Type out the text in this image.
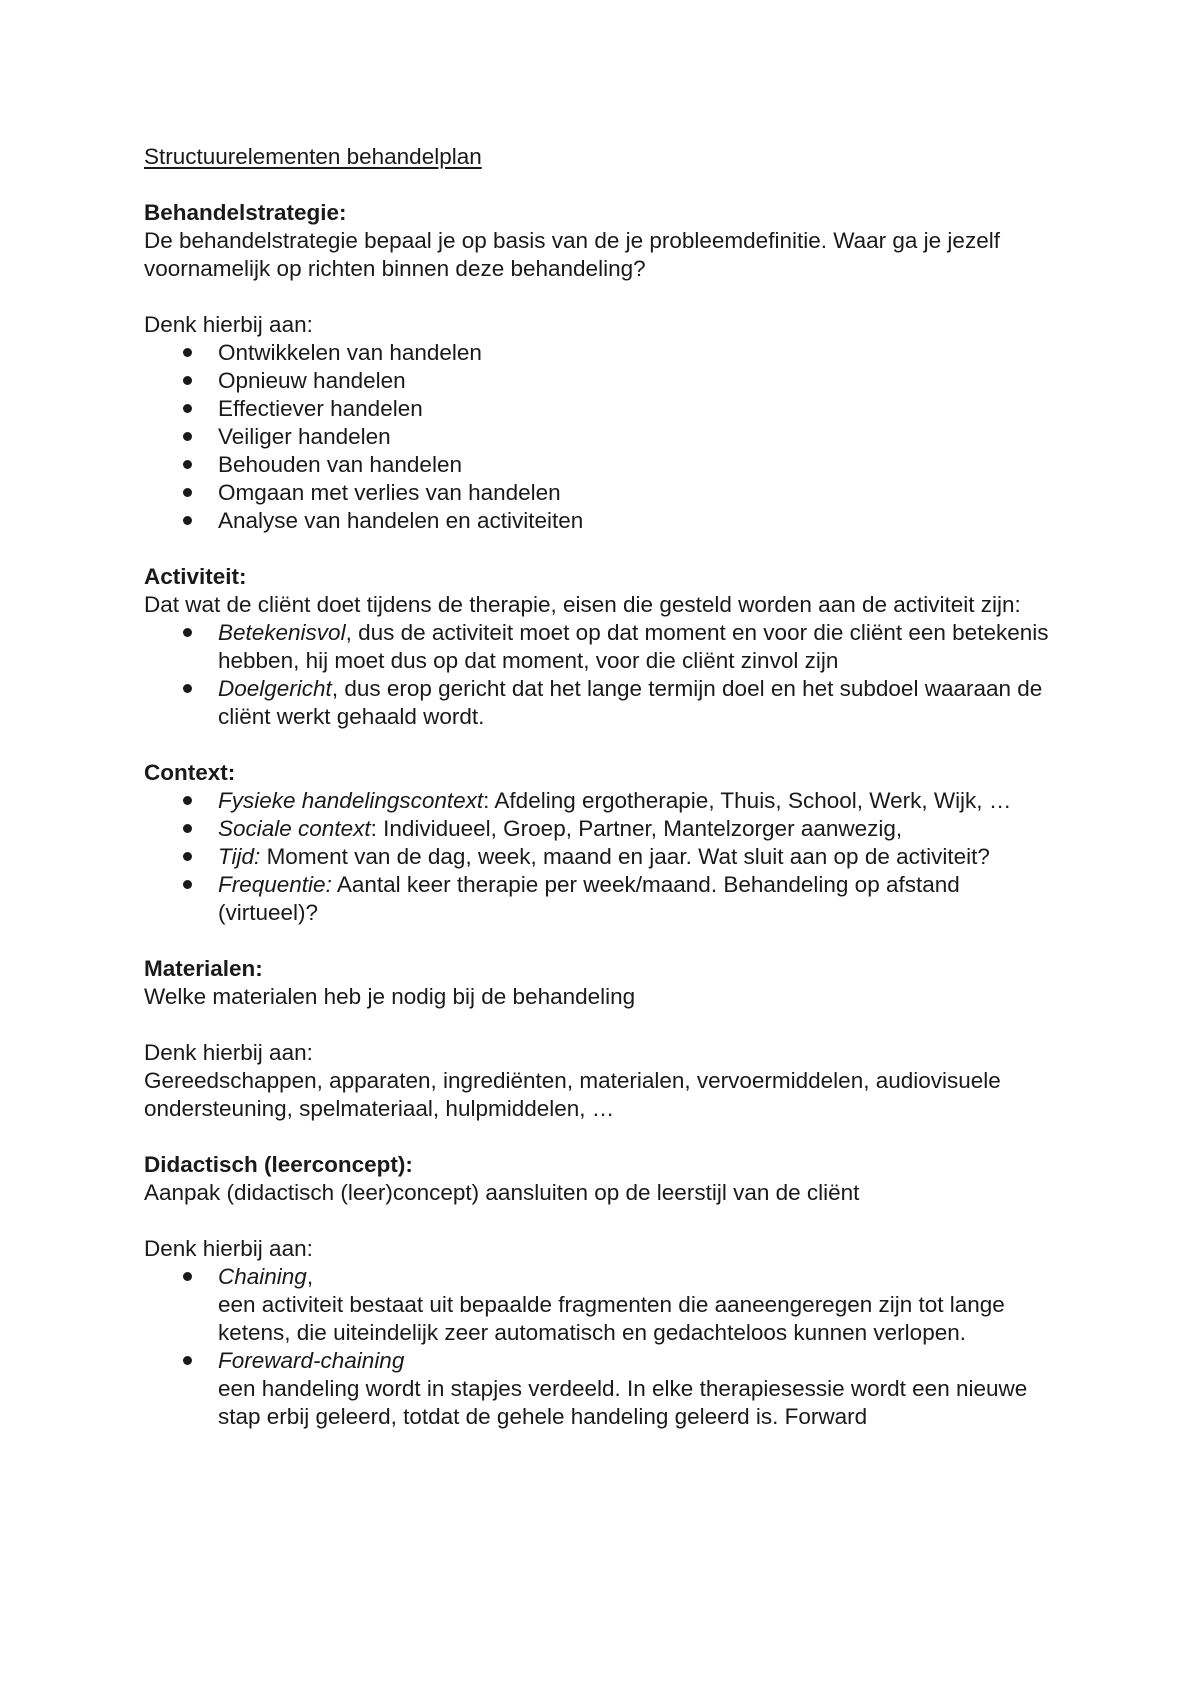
Structuurelementen behandelplan

Behandelstrategie:

De behandelstrategie bepaal je op basis van de je probleemdefinitie. Waar ga je jezelf voornamelijk op richten binnen deze behandeling?

Denk hierbij aan:

Ontwikkelen van handelen
Opnieuw handelen
Effectiever handelen
Veiliger handelen
Behouden van handelen
Omgaan met verlies van handelen
Analyse van handelen en activiteiten

Activiteit:

Dat wat de cliënt doet tijdens de therapie, eisen die gesteld worden aan de activiteit zijn:

Betekenisvol, dus de activiteit moet op dat moment en voor die cliënt een betekenis hebben, hij moet dus op dat moment, voor die cliënt zinvol zijn
Doelgericht, dus erop gericht dat het lange termijn doel en het subdoel waaraan de cliënt werkt gehaald wordt.

Context:

Fysieke handelingscontext: Afdeling ergotherapie, Thuis, School, Werk, Wijk, …
Sociale context: Individueel, Groep, Partner, Mantelzorger aanwezig,
Tijd: Moment van de dag, week, maand en jaar. Wat sluit aan op de activiteit?
Frequentie: Aantal keer therapie per week/maand. Behandeling op afstand (virtueel)?

Materialen:

Welke materialen heb je nodig bij de behandeling

Denk hierbij aan:

Gereedschappen, apparaten, ingrediënten, materialen, vervoermiddelen, audiovisuele ondersteuning, spelmateriaal, hulpmiddelen, …

Didactisch (leerconcept):

Aanpak (didactisch (leer)concept) aansluiten op de leerstijl van de cliënt

Denk hierbij aan:

Chaining,
een activiteit bestaat uit bepaalde fragmenten die aaneengeregen zijn tot lange ketens, die uiteindelijk zeer automatisch en gedachteloos kunnen verlopen.
Foreward-chaining
een handeling wordt in stapjes verdeeld. In elke therapiesessie wordt een nieuwe stap erbij geleerd, totdat de gehele handeling geleerd is. Forward
